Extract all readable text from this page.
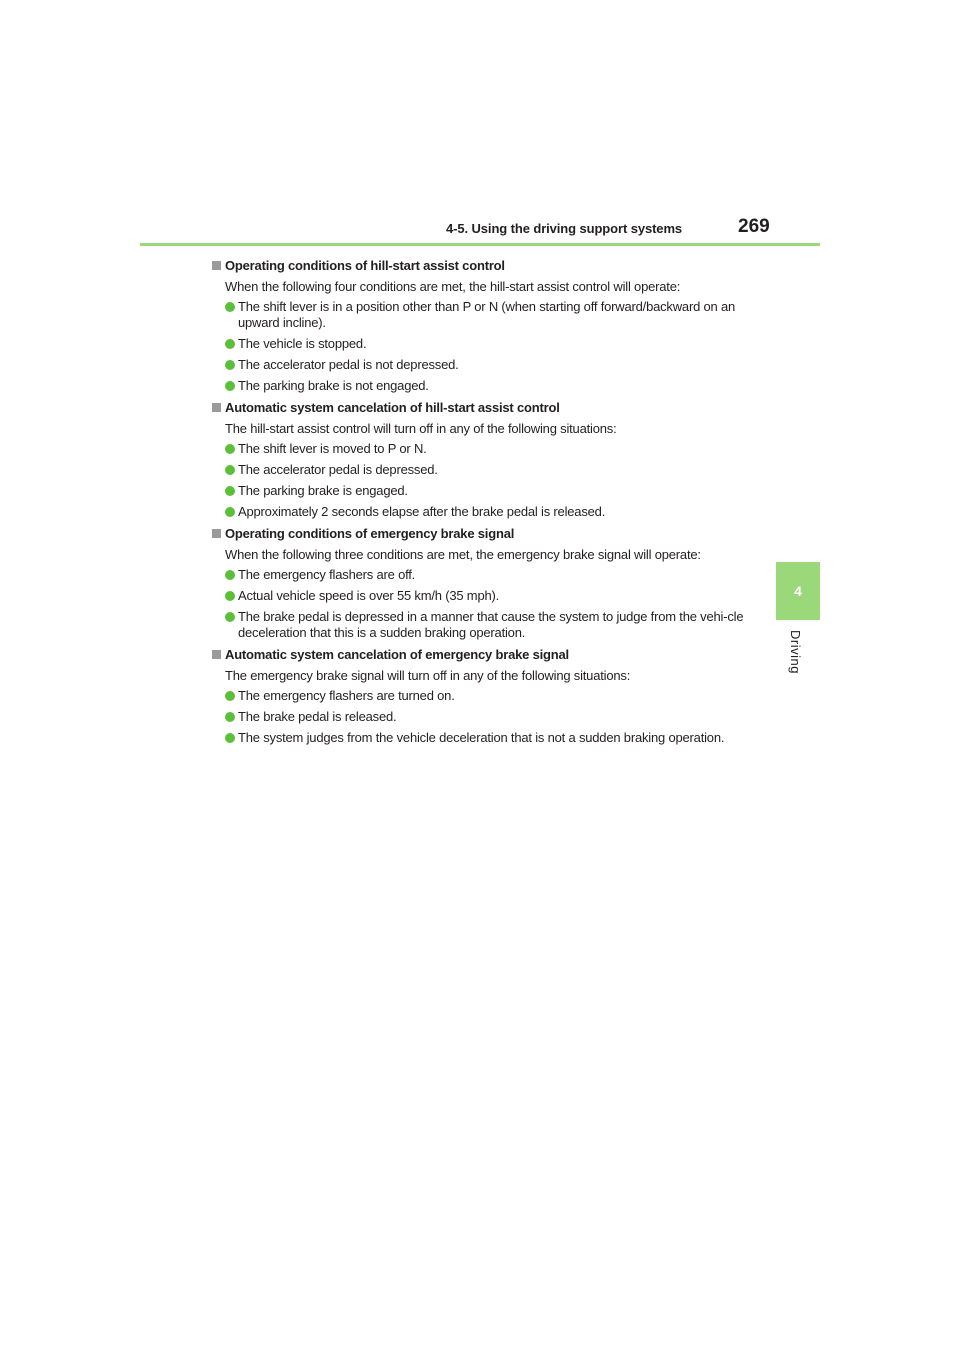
4-5. Using the driving support systems	269
4
Driving
Operating conditions of hill-start assist control
When the following four conditions are met, the hill-start assist control will operate:
The shift lever is in a position other than P or N (when starting off forward/backward on an upward incline).
The vehicle is stopped.
The accelerator pedal is not depressed.
The parking brake is not engaged.
Automatic system cancelation of hill-start assist control
The hill-start assist control will turn off in any of the following situations:
The shift lever is moved to P or N.
The accelerator pedal is depressed.
The parking brake is engaged.
Approximately 2 seconds elapse after the brake pedal is released.
Operating conditions of emergency brake signal
When the following three conditions are met, the emergency brake signal will operate:
The emergency flashers are off.
Actual vehicle speed is over 55 km/h (35 mph).
The brake pedal is depressed in a manner that cause the system to judge from the vehi-cle deceleration that this is a sudden braking operation.
Automatic system cancelation of emergency brake signal
The emergency brake signal will turn off in any of the following situations:
The emergency flashers are turned on.
The brake pedal is released.
The system judges from the vehicle deceleration that is not a sudden braking operation.
